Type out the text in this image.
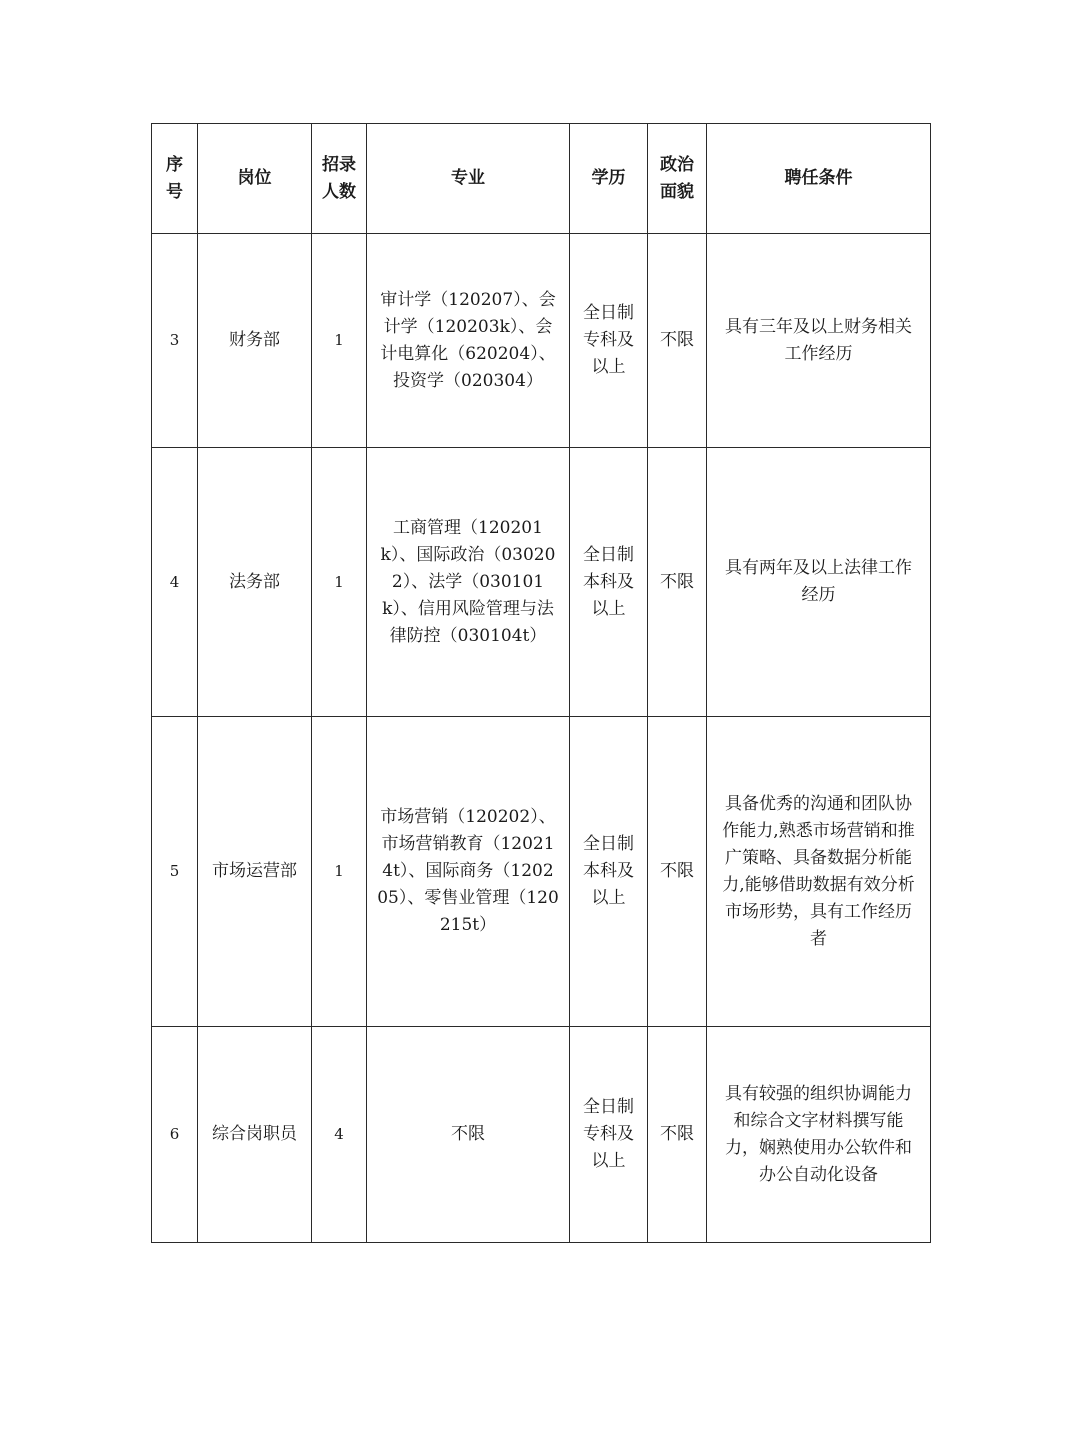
序号	岗位	招录人数	专业	学历	政治面貌	聘任条件
3	财务部	1	审计学（120207）、会计学（120203k）、会计电算化（620204）、投资学（020304）	全日制专科及以上	不限	具有三年及以上财务相关工作经历
4	法务部	1	工商管理（120201k）、国际政治（030202）、法学（030101k）、信用风险管理与法律防控（030104t）	全日制本科及以上	不限	具有两年及以上法律工作经历
5	市场运营部	1	市场营销（120202）、市场营销教育（120214t）、国际商务（120205）、零售业管理（120215t）	全日制本科及以上	不限	具备优秀的沟通和团队协作能力,熟悉市场营销和推广策略、具备数据分析能力,能够借助数据有效分析市场形势，具有工作经历者
6	综合岗职员	4	不限	全日制专科及以上	不限	具有较强的组织协调能力和综合文字材料撰写能力，娴熟使用办公软件和办公自动化设备
